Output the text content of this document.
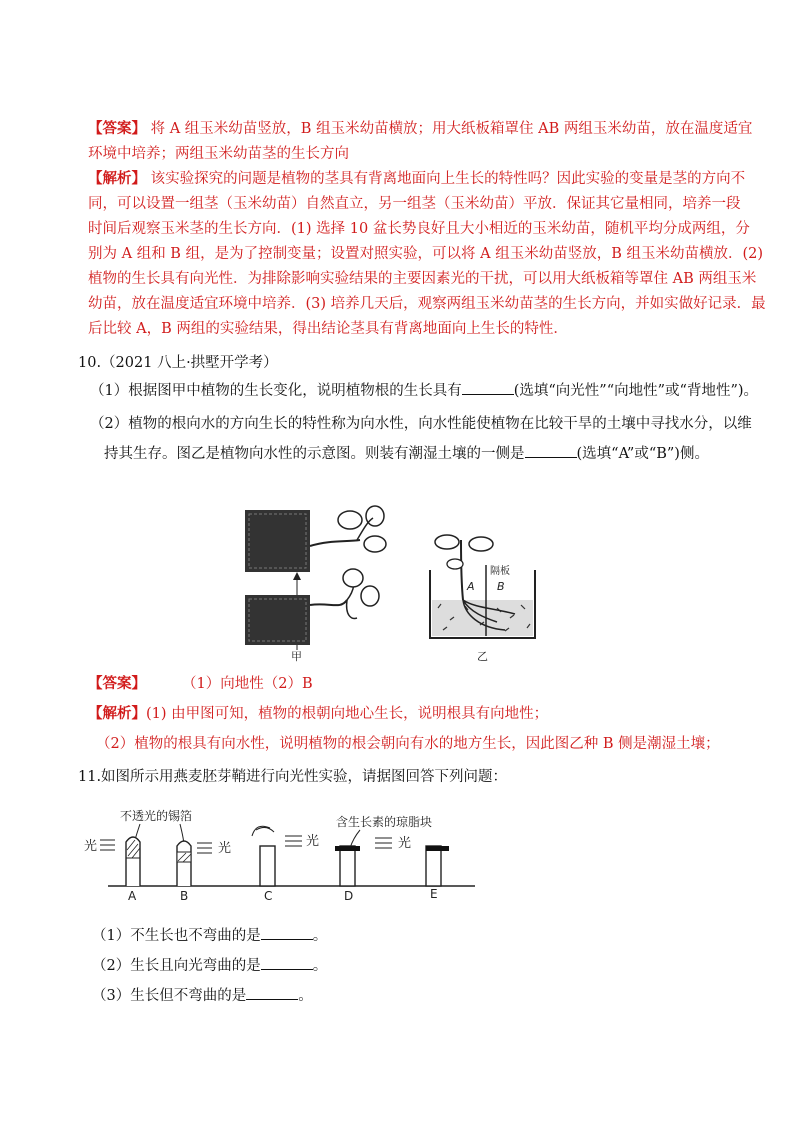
【答案】 将 A 组玉米幼苗竖放，B 组玉米幼苗横放；用大纸板箱罩住 AB 两组玉米幼苗，放在温度适宜
环境中培养；两组玉米幼苗茎的生长方向
【解析】 该实验探究的问题是植物的茎具有背离地面向上生长的特性吗？因此实验的变量是茎的方向不
同，可以设置一组茎（玉米幼苗）自然直立，另一组茎（玉米幼苗）平放．保证其它量相同，培养一段
时间后观察玉米茎的生长方向．(1) 选择 10 盆长势良好且大小相近的玉米幼苗，随机平均分成两组，分
别为 A 组和 B 组，是为了控制变量；设置对照实验，可以将 A 组玉米幼苗竖放，B 组玉米幼苗横放．(2)
植物的生长具有向光性．为排除影响实验结果的主要因素光的干扰，可以用大纸板箱等罩住 AB 两组玉米
幼苗，放在温度适宜环境中培养．(3) 培养几天后，观察两组玉米幼苗茎的生长方向，并如实做好记录．最
后比较 A，B 两组的实验结果，得出结论茎具有背离地面向上生长的特性．
10.（2021 八上·拱墅开学考）
（1）根据图甲中植物的生长变化，说明植物根的生长具有	(选填“向光性”“向地性”或“背地性”)。
（2）植物的根向水的方向生长的特性称为向水性，向水性能使植物在比较干旱的土壤中寻找水分，以维
持其生存。图乙是植物向水性的示意图。则装有潮湿土壤的一侧是	(选填“A”或“B”)侧。
甲
A B
隔板
乙
【答案】 （1）向地性（2）B
【解析】(1) 由甲图可知，植物的根朝向地心生长，说明根具有向地性；
（2）植物的根具有向水性，说明植物的根会朝向有水的地方生长，因此图乙种 B 侧是潮湿土壤；
11.如图所示用燕麦胚芽鞘进行向光性实验，请据图回答下列问题：
不透光的锡箔	含生长素的琼脂块
光
A
光
B
光
C
光
D	E
（1）不生长也不弯曲的是	。
（2）生长且向光弯曲的是	。
（3）生长但不弯曲的是	。
